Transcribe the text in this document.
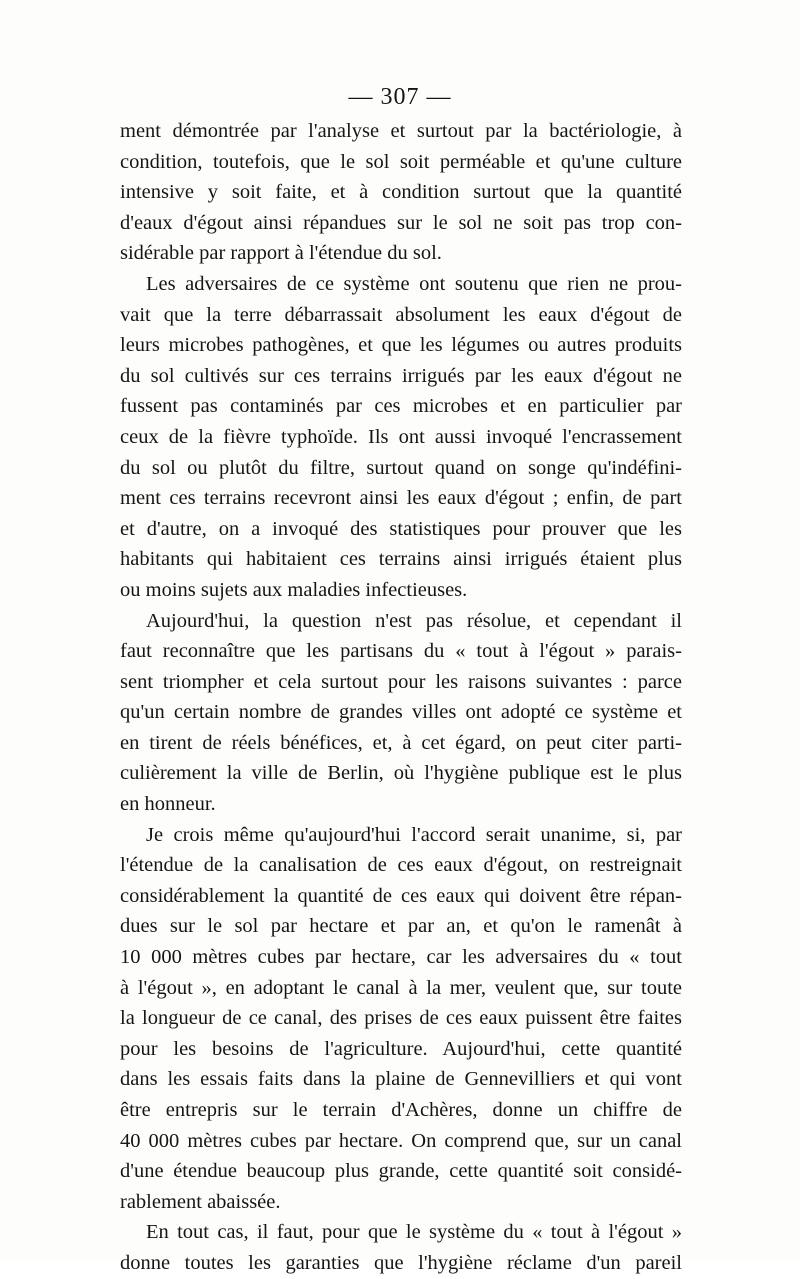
— 307 —
ment démontrée par l'analyse et surtout par la bactériologie, à
condition, toutefois, que le sol soit perméable et qu'une culture
intensive y soit faite, et à condition surtout que la quantité
d'eaux d'égout ainsi répandues sur le sol ne soit pas trop con-
sidérable par rapport à l'étendue du sol.
Les adversaires de ce système ont soutenu que rien ne prou-
vait que la terre débarrassait absolument les eaux d'égout de
leurs microbes pathogènes, et que les légumes ou autres produits
du sol cultivés sur ces terrains irrigués par les eaux d'égout ne
fussent pas contaminés par ces microbes et en particulier par
ceux de la fièvre typhoïde. Ils ont aussi invoqué l'encrassement
du sol ou plutôt du filtre, surtout quand on songe qu'indéfini-
ment ces terrains recevront ainsi les eaux d'égout ; enfin, de part
et d'autre, on a invoqué des statistiques pour prouver que les
habitants qui habitaient ces terrains ainsi irrigués étaient plus
ou moins sujets aux maladies infectieuses.
Aujourd'hui, la question n'est pas résolue, et cependant il
faut reconnaître que les partisans du « tout à l'égout » parais-
sent triompher et cela surtout pour les raisons suivantes : parce
qu'un certain nombre de grandes villes ont adopté ce système et
en tirent de réels bénéfices, et, à cet égard, on peut citer parti-
culièrement la ville de Berlin, où l'hygiène publique est le plus
en honneur.
Je crois même qu'aujourd'hui l'accord serait unanime, si, par
l'étendue de la canalisation de ces eaux d'égout, on restreignait
considérablement la quantité de ces eaux qui doivent être répan-
dues sur le sol par hectare et par an, et qu'on le ramenât à
10 000 mètres cubes par hectare, car les adversaires du « tout
à l'égout », en adoptant le canal à la mer, veulent que, sur toute
la longueur de ce canal, des prises de ces eaux puissent être faites
pour les besoins de l'agriculture. Aujourd'hui, cette quantité
dans les essais faits dans la plaine de Gennevilliers et qui vont
être entrepris sur le terrain d'Achères, donne un chiffre de
40 000 mètres cubes par hectare. On comprend que, sur un canal
d'une étendue beaucoup plus grande, cette quantité soit considé-
rablement abaissée.
En tout cas, il faut, pour que le système du « tout à l'égout »
donne toutes les garanties que l'hygiène réclame d'un pareil
